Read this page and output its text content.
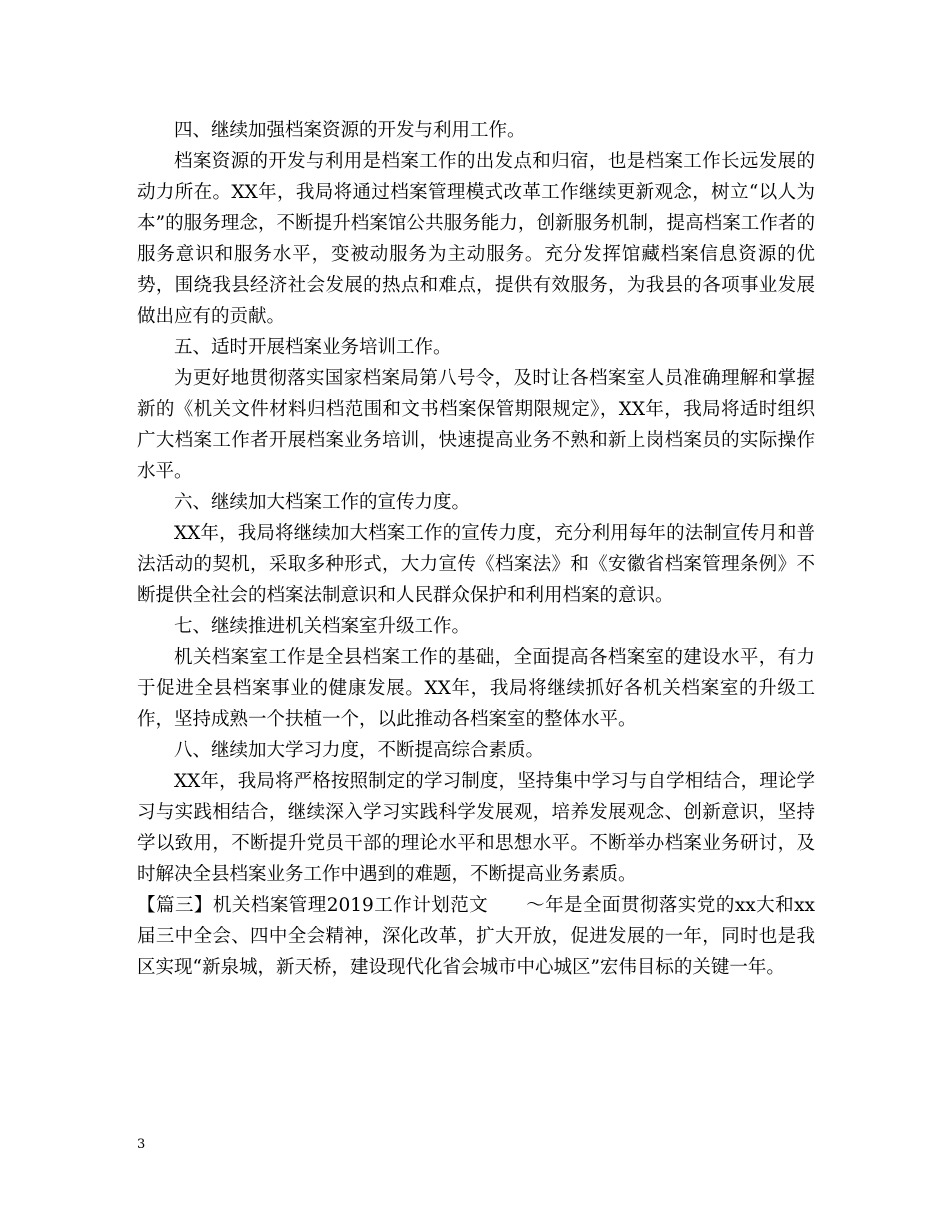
四、继续加强档案资源的开发与利用工作。

档案资源的开发与利用是档案工作的出发点和归宿，也是档案工作长远发展的动力所在。XX年，我局将通过档案管理模式改革工作继续更新观念，树立“以人为本”的服务理念，不断提升档案馆公共服务能力，创新服务机制，提高档案工作者的服务意识和服务水平，变被动服务为主动服务。充分发挥馆藏档案信息资源的优势，围绕我县经济社会发展的热点和难点，提供有效服务，为我县的各项事业发展做出应有的贡献。

五、适时开展档案业务培训工作。

为更好地贯彻落实国家档案局第八号令，及时让各档案室人员准确理解和掌握新的《机关文件材料归档范围和文书档案保管期限规定》，XX年，我局将适时组织广大档案工作者开展档案业务培训，快速提高业务不熟和新上岗档案员的实际操作水平。

六、继续加大档案工作的宣传力度。

XX年，我局将继续加大档案工作的宣传力度，充分利用每年的法制宣传月和普法活动的契机，采取多种形式，大力宣传《档案法》和《安徽省档案管理条例》不断提供全社会的档案法制意识和人民群众保护和利用档案的意识。

七、继续推进机关档案室升级工作。

机关档案室工作是全县档案工作的基础，全面提高各档案室的建设水平，有力于促进全县档案事业的健康发展。XX年，我局将继续抓好各机关档案室的升级工作，坚持成熟一个扶植一个，以此推动各档案室的整体水平。

八、继续加大学习力度，不断提高综合素质。

XX年，我局将严格按照制定的学习制度，坚持集中学习与自学相结合，理论学习与实践相结合，继续深入学习实践科学发展观，培养发展观念、创新意识，坚持学以致用，不断提升党员干部的理论水平和思想水平。不断举办档案业务研讨，及时解决全县档案业务工作中遇到的难题，不断提高业务素质。

【篇三】机关档案管理2019工作计划范文　　～年是全面贯彻落实党的xx大和xx届三中全会、四中全会精神，深化改革，扩大开放，促进发展的一年，同时也是我区实现“新泉城，新天桥，建设现代化省会城市中心城区”宏伟目标的关键一年。

3
